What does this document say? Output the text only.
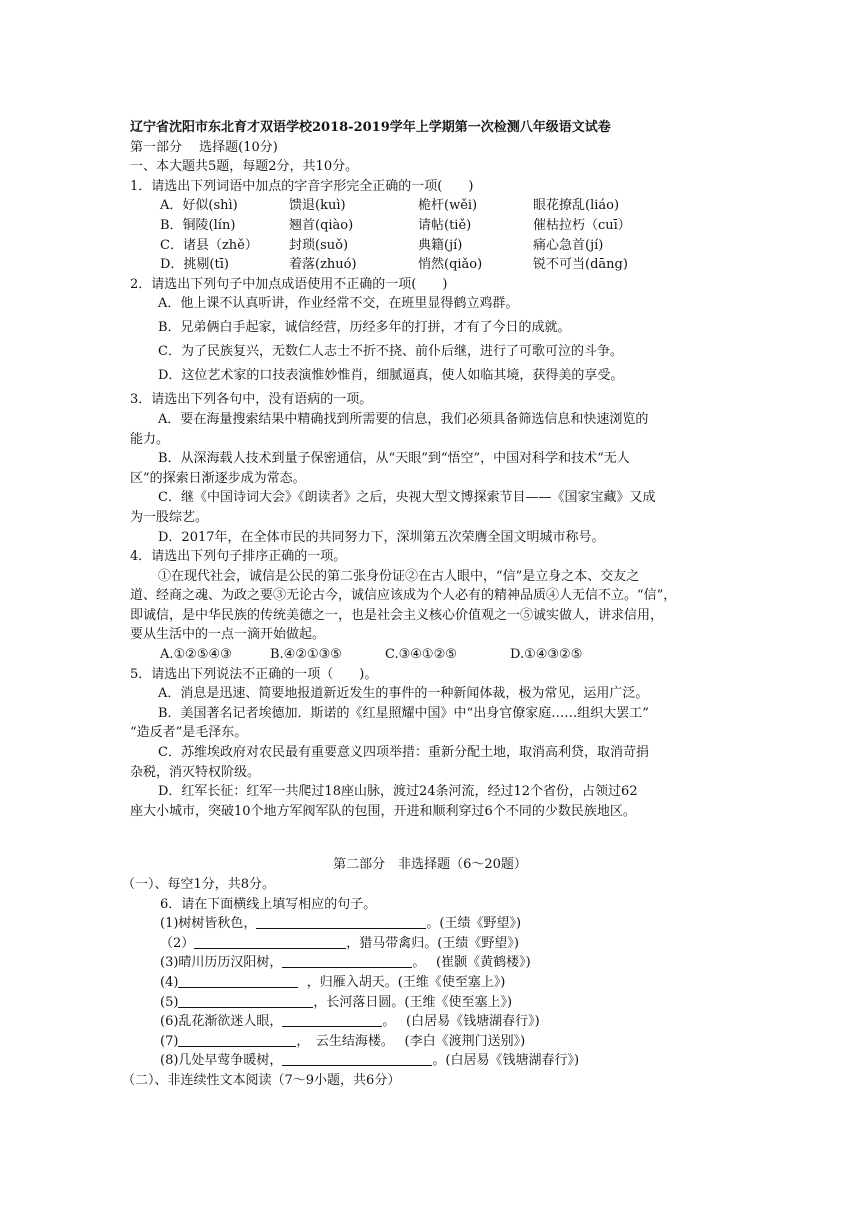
辽宁省沈阳市东北育才双语学校2018-2019学年上学期第一次检测八年级语文试卷
第一部分　 选择题(10分)
一、本大题共5题，每题2分，共10分。
1．请选出下列词语中加点的字音字形完全正确的一项(　　)
A．好似(shì)	馈退(kuì)	桅杆(wěi)	眼花撩乱(liáo)
B．铜陵(lín)	翘首(qiào)	请帖(tiě)	催枯拉朽（cuī）
C．诸县（zhě）	封琐(suǒ)	典籍(jí)	痛心急首(jí)
D．挑剔(tī)	着落(zhuó)	悄然(qiǎo)	锐不可当(dāng)
2．请选出下列句子中加点成语使用不正确的一项(　　)
A．他上课不认真听讲，作业经常不交，在班里显得鹤立鸡群。
B．兄弟俩白手起家，诚信经营，历经多年的打拼，才有了今日的成就。
C．为了民族复兴，无数仁人志士不折不挠、前仆后继，进行了可歌可泣的斗争。
D．这位艺术家的口技表演惟妙惟肖，细腻逼真，使人如临其境，获得美的享受。
3．请选出下列各句中，没有语病的一项。
A．要在海量搜索结果中精确找到所需要的信息，我们必须具备筛选信息和快速浏览的
能力。
B．从深海载人技术到量子保密通信，从“天眼”到“悟空”，中国对科学和技术“无人
区”的探索日渐逐步成为常态。
C．继《中国诗词大会》《朗读者》之后，央视大型文博探索节目——《国家宝藏》又成
为一股综艺。
D．2017年，在全体市民的共同努力下，深圳第五次荣膺全国文明城市称号。
4．请选出下列句子排序正确的一项。
①在现代社会，诚信是公民的第二张身份证②在古人眼中，“信”是立身之本、交友之
道、经商之魂、为政之要③无论古今，诚信应该成为个人必有的精神品质④人无信不立。“信”，
即诚信，是中华民族的传统美德之一，也是社会主义核心价值观之一⑤诚实做人，讲求信用，
要从生活中的一点一滴开始做起。
A.①②⑤④③	B.④②①③⑤	C.③④①②⑤	D.①④③②⑤
5．请选出下列说法不正确的一项（　　)。
A．消息是迅速、简要地报道新近发生的事件的一种新闻体裁，极为常见，运用广泛。
B．美国著名记者埃德加．斯诺的《红星照耀中国》中“出身官僚家庭……组织大罢工”
“造反者”是毛泽东。
C．苏维埃政府对农民最有重要意义四项举措：重新分配土地，取消高利贷，取消苛捐
杂税，消灭特权阶级。
D．红军长征：红军一共爬过18座山脉，渡过24条河流，经过12个省份，占领过62
座大小城市，突破10个地方军阀军队的包围，开进和顺利穿过6个不同的少数民族地区。
第二部分　非选择题（6～20题）
（一）、每空1分，共8分。
6．请在下面横线上填写相应的句子。
(1)树树皆秋色，	。(王绩《野望》)
（2）	，猎马带禽归。(王绩《野望》)
(3)晴川历历汉阳树，	。　 (崔颢《黄鹤楼》)
(4)	，归雁入胡天。(王维《使至塞上》)
(5)	，长河落日圆。(王维《使至塞上》)
(6)乱花渐欲迷人眼，	。　 (白居易《钱塘湖春行》)
(7)	，　云生结海楼。　 (李白《渡荆门送别》)
(8)几处早莺争暖树，	。(白居易《钱塘湖春行》)
（二）、非连续性文本阅读（7～9小题，共6分）
